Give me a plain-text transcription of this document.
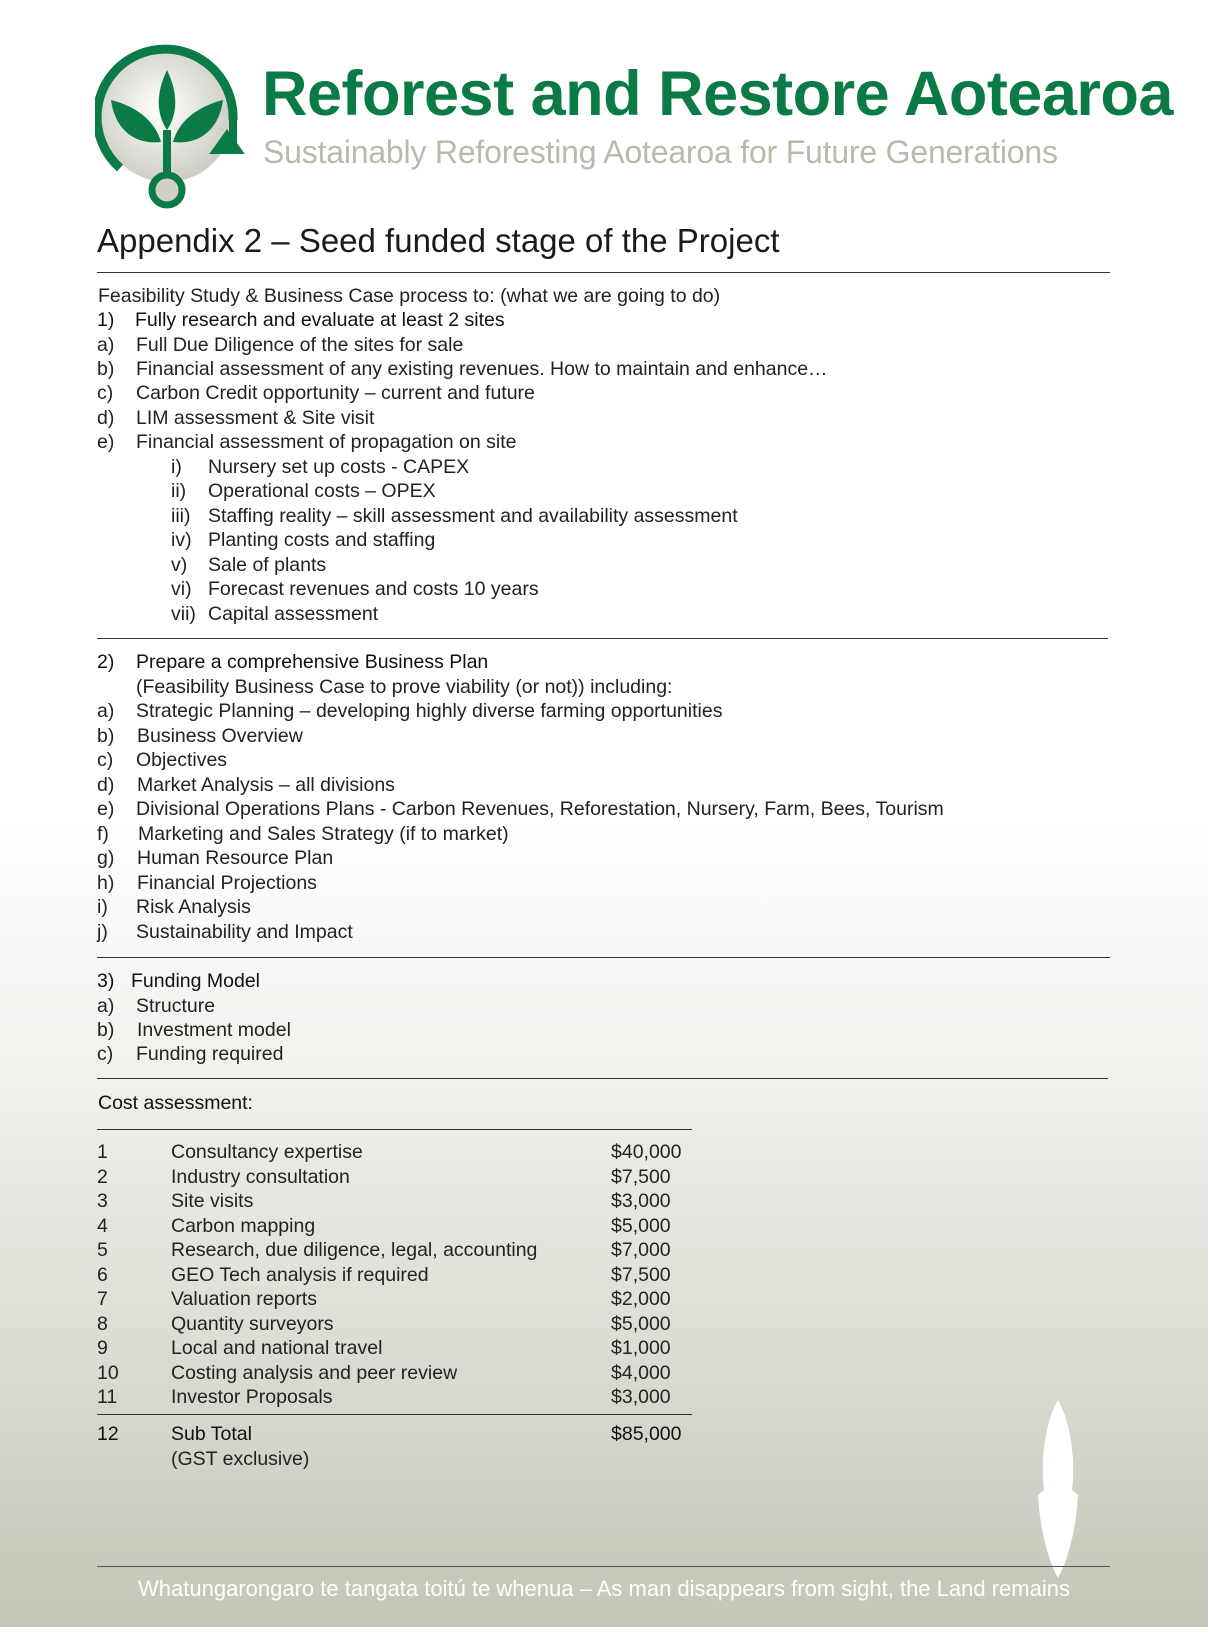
Reforest and Restore Aotearoa
Sustainably Reforesting Aotearoa for Future Generations
Appendix 2 – Seed funded stage of the Project
Feasibility Study & Business Case process to: (what we are going to do)
1) Fully research and evaluate at least 2 sites
a) Full Due Diligence of the sites for sale
b) Financial assessment of any existing revenues. How to maintain and enhance…
c) Carbon Credit opportunity – current and future
d) LIM assessment & Site visit
e) Financial assessment of propagation on site
i) Nursery set up costs - CAPEX
ii) Operational costs – OPEX
iii) Staffing reality – skill assessment and availability assessment
iv) Planting costs and staffing
v) Sale of plants
vi) Forecast revenues and costs 10 years
vii) Capital assessment
2) Prepare a comprehensive Business Plan
(Feasibility Business Case to prove viability (or not)) including:
a) Strategic Planning – developing highly diverse farming opportunities
b) Business Overview
c) Objectives
d) Market Analysis – all divisions
e) Divisional Operations Plans - Carbon Revenues, Reforestation, Nursery, Farm, Bees, Tourism
f) Marketing and Sales Strategy (if to market)
g) Human Resource Plan
h) Financial Projections
i) Risk Analysis
j) Sustainability and Impact
3) Funding Model
a) Structure
b) Investment model
c) Funding required
Cost assessment:
1	Consultancy expertise	$40,000
2	Industry consultation	$7,500
3	Site visits	$3,000
4	Carbon mapping	$5,000
5	Research, due diligence, legal, accounting	$7,000
6	GEO Tech analysis if required	$7,500
7	Valuation reports	$2,000
8	Quantity surveyors	$5,000
9	Local and national travel	$1,000
10	Costing analysis and peer review	$4,000
11	Investor Proposals	$3,000
12	Sub Total	$85,000
(GST exclusive)
Whatungarongaro te tangata toitú te whenua – As man disappears from sight, the Land remains
